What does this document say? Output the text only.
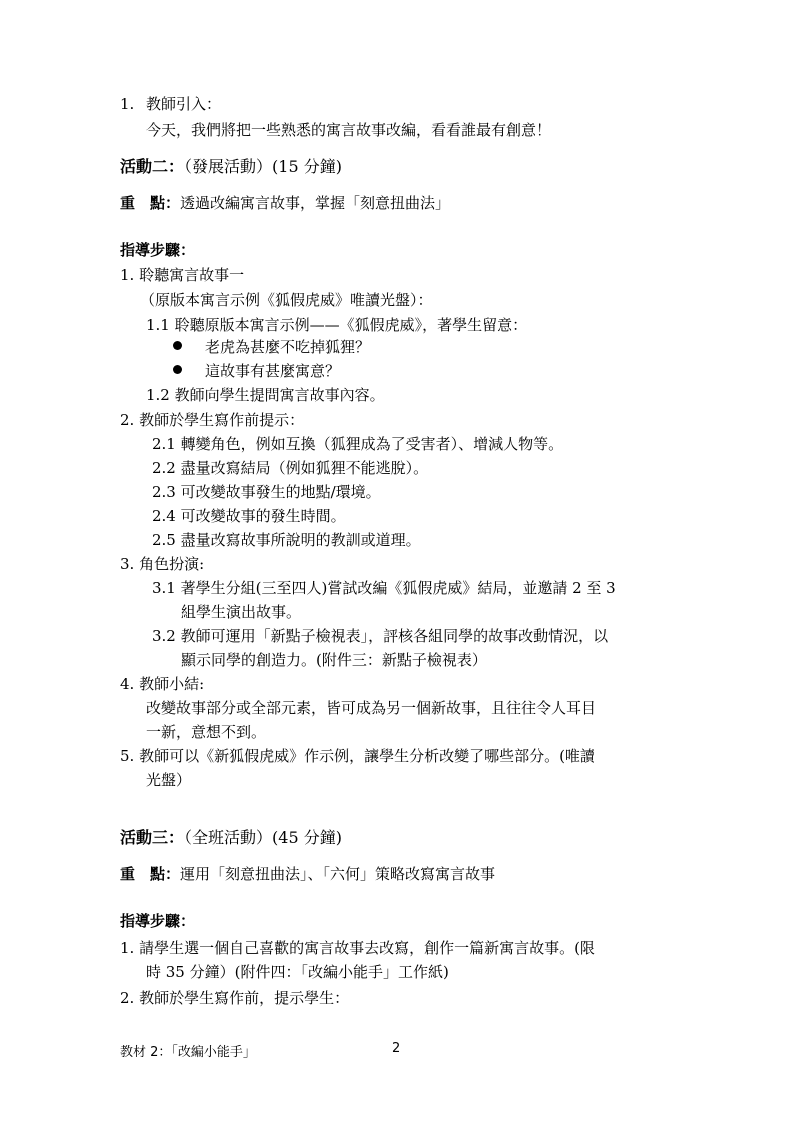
1. 教師引入：
今天，我們將把一些熟悉的寓言故事改編，看看誰最有創意！
活動二：（發展活動）(15 分鐘)
重　點：透過改編寓言故事，掌握「刻意扭曲法」
指導步驟：
1. 聆聽寓言故事一
（原版本寓言示例《狐假虎威》唯讀光盤）：
1.1 聆聽原版本寓言示例——《狐假虎威》，著學生留意：
老虎為甚麼不吃掉狐狸？
這故事有甚麼寓意？
1.2 教師向學生提問寓言故事內容。
2. 教師於學生寫作前提示：
2.1 轉變角色，例如互換（狐狸成為了受害者）、增減人物等。
2.2 盡量改寫結局（例如狐狸不能逃脫）。
2.3 可改變故事發生的地點/環境。
2.4 可改變故事的發生時間。
2.5 盡量改寫故事所說明的教訓或道理。
3. 角色扮演:
3.1 著學生分組(三至四人)嘗試改編《狐假虎威》結局，並邀請 2 至 3
組學生演出故事。
3.2 教師可運用「新點子檢視表」，評核各組同學的故事改動情況，以
顯示同學的創造力。(附件三：新點子檢視表）
4. 教師小結:
改變故事部分或全部元素，皆可成為另一個新故事，且往往令人耳目
一新，意想不到。
5. 教師可以《新狐假虎威》作示例，讓學生分析改變了哪些部分。(唯讀
光盤）
活動三：（全班活動）(45 分鐘)
重　點：運用「刻意扭曲法」、「六何」策略改寫寓言故事
指導步驟：
1. 請學生選一個自己喜歡的寓言故事去改寫，創作一篇新寓言故事。(限
時 35 分鐘）(附件四：「改編小能手」工作紙)
2. 教師於學生寫作前，提示學生：
教材 2：「改編小能手」	2
